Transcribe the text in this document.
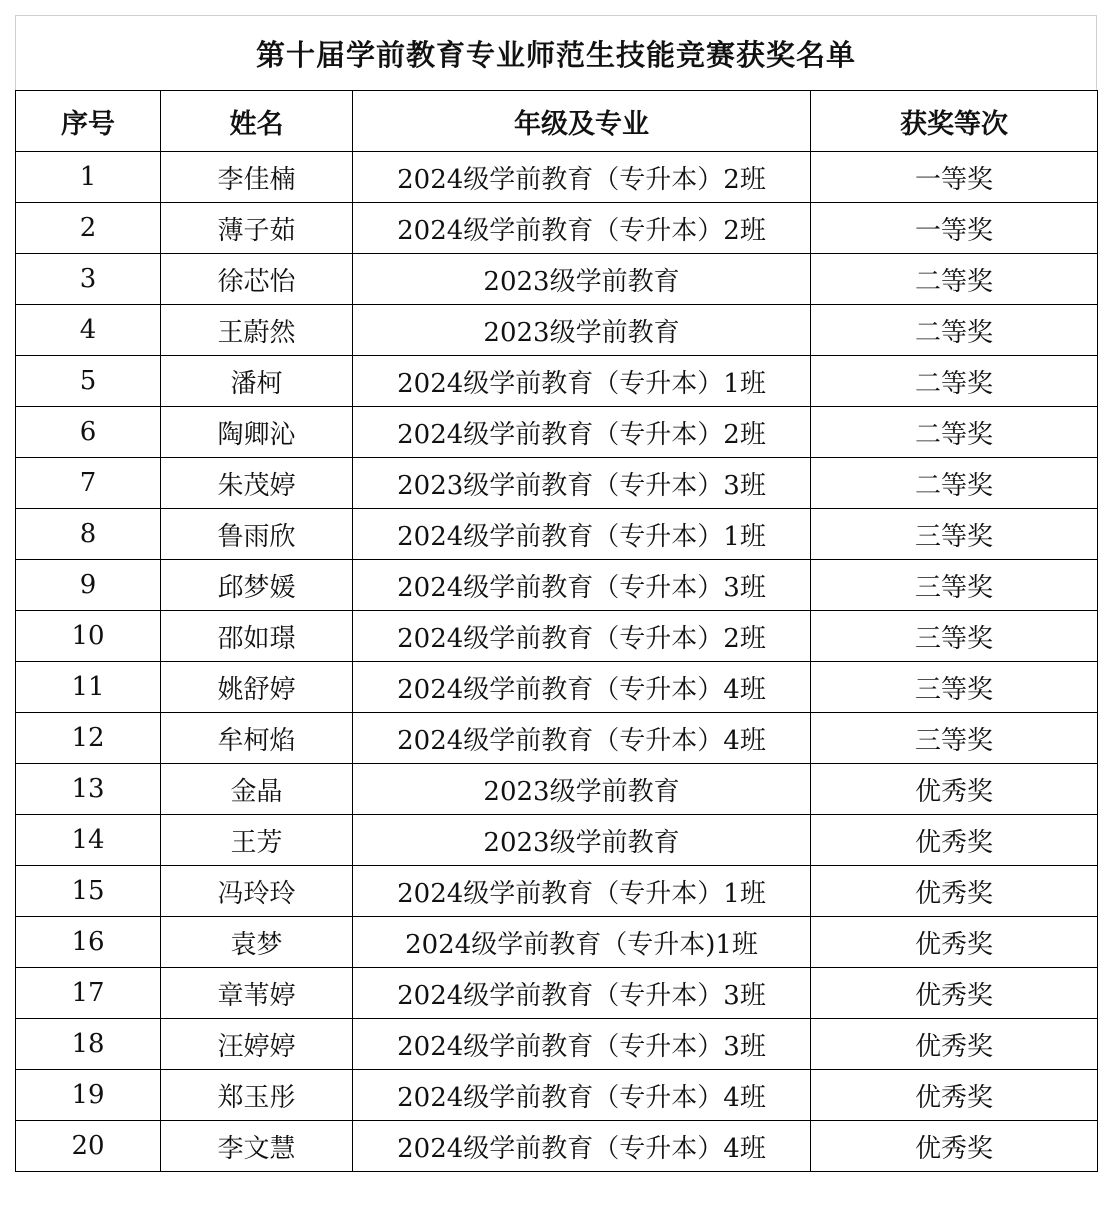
第十届学前教育专业师范生技能竞赛获奖名单
序号	姓名	年级及专业	获奖等次
1	李佳楠	2024级学前教育（专升本）2班	一等奖
2	薄子茹	2024级学前教育（专升本）2班	一等奖
3	徐芯怡	2023级学前教育	二等奖
4	王蔚然	2023级学前教育	二等奖
5	潘柯	2024级学前教育（专升本）1班	二等奖
6	陶卿沁	2024级学前教育（专升本）2班	二等奖
7	朱茂婷	2023级学前教育（专升本）3班	二等奖
8	鲁雨欣	2024级学前教育（专升本）1班	三等奖
9	邱梦媛	2024级学前教育（专升本）3班	三等奖
10	邵如璟	2024级学前教育（专升本）2班	三等奖
11	姚舒婷	2024级学前教育（专升本）4班	三等奖
12	牟柯焰	2024级学前教育（专升本）4班	三等奖
13	金晶	2023级学前教育	优秀奖
14	王芳	2023级学前教育	优秀奖
15	冯玲玲	2024级学前教育（专升本）1班	优秀奖
16	袁梦	2024级学前教育（专升本)1班	优秀奖
17	章苇婷	2024级学前教育（专升本）3班	优秀奖
18	汪婷婷	2024级学前教育（专升本）3班	优秀奖
19	郑玉彤	2024级学前教育（专升本）4班	优秀奖
20	李文慧	2024级学前教育（专升本）4班	优秀奖
